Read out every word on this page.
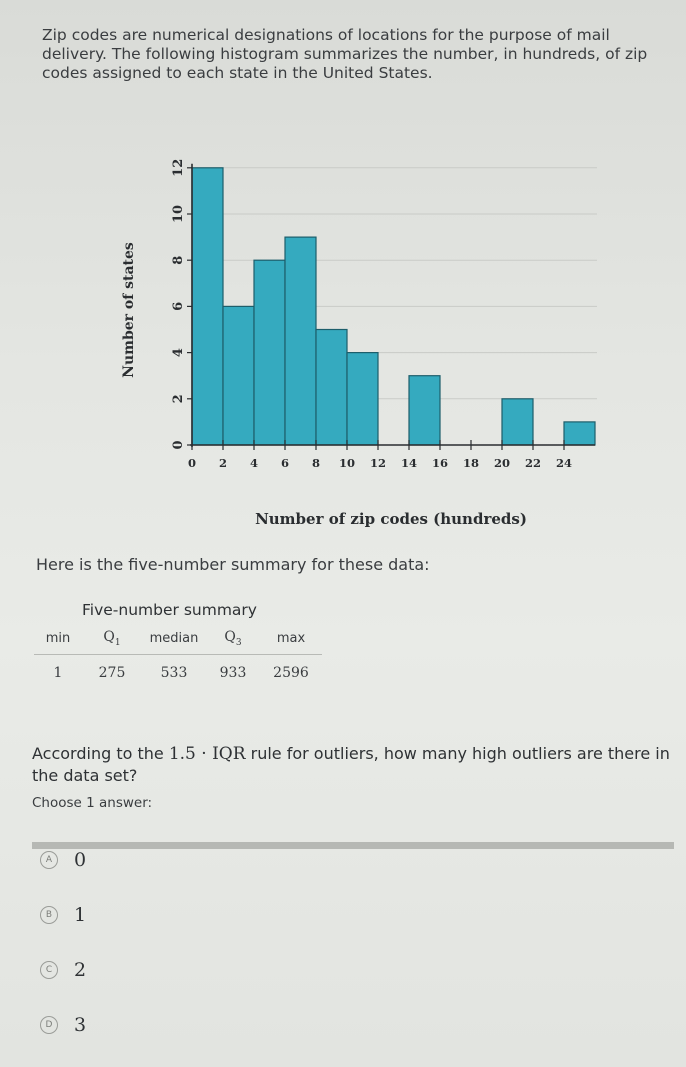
Zip codes are numerical designations of locations for the purpose of mail delivery. The following histogram summarizes the number, in hundreds, of zip codes assigned to each state in the United States.

0
2
4
6
8
10
12
0 2 4 6 8 10 12 14 16 18 20 22 24
Number of states
Number of zip codes (hundreds)
Here is the five-number summary for these data:
Five-number summary
min	$Q_1$	median	$Q_3$	max
1	275	533	933	2596

According to the 1.5 · IQR rule for outliers, how many high outliers are there in the data set?

Choose 1 answer:
A	0
B	1
C	2
D 3
